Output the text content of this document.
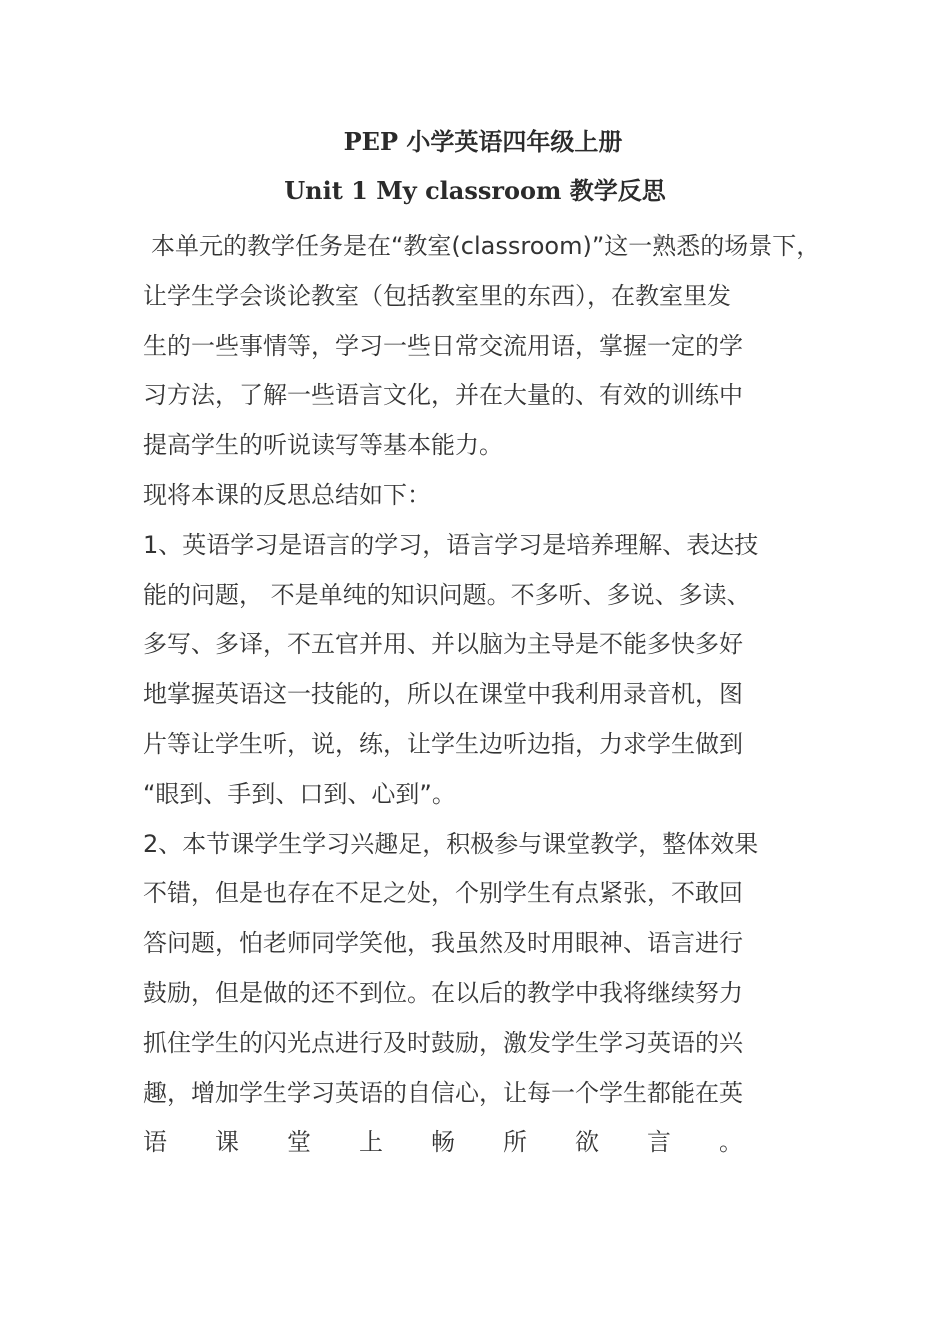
PEP 小学英语四年级上册
Unit 1 My classroom 教学反思
本单元的教学任务是在“教室(classroom)”这一熟悉的场景下，
让学生学会谈论教室（包括教室里的东西），在教室里发
生的一些事情等，学习一些日常交流用语，掌握一定的学
习方法，了解一些语言文化，并在大量的、有效的训练中
提高学生的听说读写等基本能力。
现将本课的反思总结如下：
1、英语学习是语言的学习，语言学习是培养理解、表达技
能的问题， 不是单纯的知识问题。不多听、多说、多读、
多写、多译，不五官并用、并以脑为主导是不能多快多好
地掌握英语这一技能的，所以在课堂中我利用录音机，图
片等让学生听，说，练，让学生边听边指，力求学生做到
“眼到、手到、口到、心到”。
2、本节课学生学习兴趣足，积极参与课堂教学，整体效果
不错，但是也存在不足之处，个别学生有点紧张，不敢回
答问题，怕老师同学笑他，我虽然及时用眼神、语言进行
鼓励，但是做的还不到位。在以后的教学中我将继续努力
抓住学生的闪光点进行及时鼓励，激发学生学习英语的兴
趣，增加学生学习英语的自信心，让每一个学生都能在英
语 课 堂 上 畅 所 欲 言 。
